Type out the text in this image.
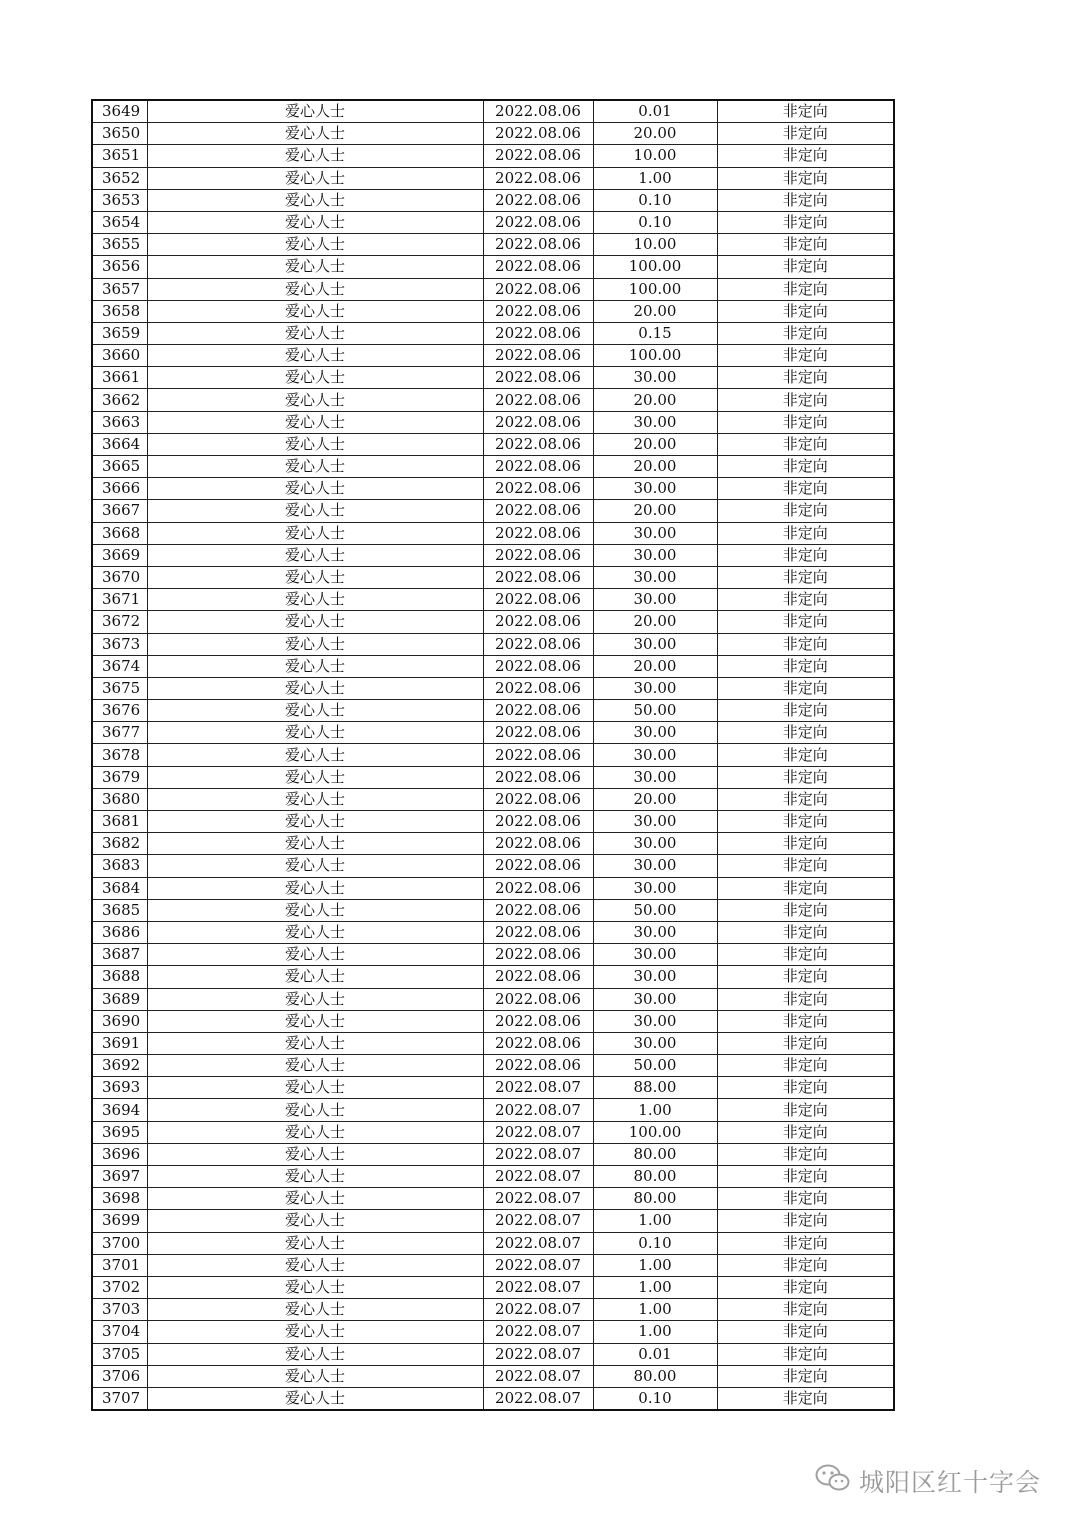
3649	爱心人士	2022.08.06	0.01	非定向
3650	爱心人士	2022.08.06	20.00	非定向
3651	爱心人士	2022.08.06	10.00	非定向
3652	爱心人士	2022.08.06	1.00	非定向
3653	爱心人士	2022.08.06	0.10	非定向
3654	爱心人士	2022.08.06	0.10	非定向
3655	爱心人士	2022.08.06	10.00	非定向
3656	爱心人士	2022.08.06	100.00	非定向
3657	爱心人士	2022.08.06	100.00	非定向
3658	爱心人士	2022.08.06	20.00	非定向
3659	爱心人士	2022.08.06	0.15	非定向
3660	爱心人士	2022.08.06	100.00	非定向
3661	爱心人士	2022.08.06	30.00	非定向
3662	爱心人士	2022.08.06	20.00	非定向
3663	爱心人士	2022.08.06	30.00	非定向
3664	爱心人士	2022.08.06	20.00	非定向
3665	爱心人士	2022.08.06	20.00	非定向
3666	爱心人士	2022.08.06	30.00	非定向
3667	爱心人士	2022.08.06	20.00	非定向
3668	爱心人士	2022.08.06	30.00	非定向
3669	爱心人士	2022.08.06	30.00	非定向
3670	爱心人士	2022.08.06	30.00	非定向
3671	爱心人士	2022.08.06	30.00	非定向
3672	爱心人士	2022.08.06	20.00	非定向
3673	爱心人士	2022.08.06	30.00	非定向
3674	爱心人士	2022.08.06	20.00	非定向
3675	爱心人士	2022.08.06	30.00	非定向
3676	爱心人士	2022.08.06	50.00	非定向
3677	爱心人士	2022.08.06	30.00	非定向
3678	爱心人士	2022.08.06	30.00	非定向
3679	爱心人士	2022.08.06	30.00	非定向
3680	爱心人士	2022.08.06	20.00	非定向
3681	爱心人士	2022.08.06	30.00	非定向
3682	爱心人士	2022.08.06	30.00	非定向
3683	爱心人士	2022.08.06	30.00	非定向
3684	爱心人士	2022.08.06	30.00	非定向
3685	爱心人士	2022.08.06	50.00	非定向
3686	爱心人士	2022.08.06	30.00	非定向
3687	爱心人士	2022.08.06	30.00	非定向
3688	爱心人士	2022.08.06	30.00	非定向
3689	爱心人士	2022.08.06	30.00	非定向
3690	爱心人士	2022.08.06	30.00	非定向
3691	爱心人士	2022.08.06	30.00	非定向
3692	爱心人士	2022.08.06	50.00	非定向
3693	爱心人士	2022.08.07	88.00	非定向
3694	爱心人士	2022.08.07	1.00	非定向
3695	爱心人士	2022.08.07	100.00	非定向
3696	爱心人士	2022.08.07	80.00	非定向
3697	爱心人士	2022.08.07	80.00	非定向
3698	爱心人士	2022.08.07	80.00	非定向
3699	爱心人士	2022.08.07	1.00	非定向
3700	爱心人士	2022.08.07	0.10	非定向
3701	爱心人士	2022.08.07	1.00	非定向
3702	爱心人士	2022.08.07	1.00	非定向
3703	爱心人士	2022.08.07	1.00	非定向
3704	爱心人士	2022.08.07	1.00	非定向
3705	爱心人士	2022.08.07	0.01	非定向
3706	爱心人士	2022.08.07	80.00	非定向
3707	爱心人士	2022.08.07	0.10	非定向
城阳区红十字会
